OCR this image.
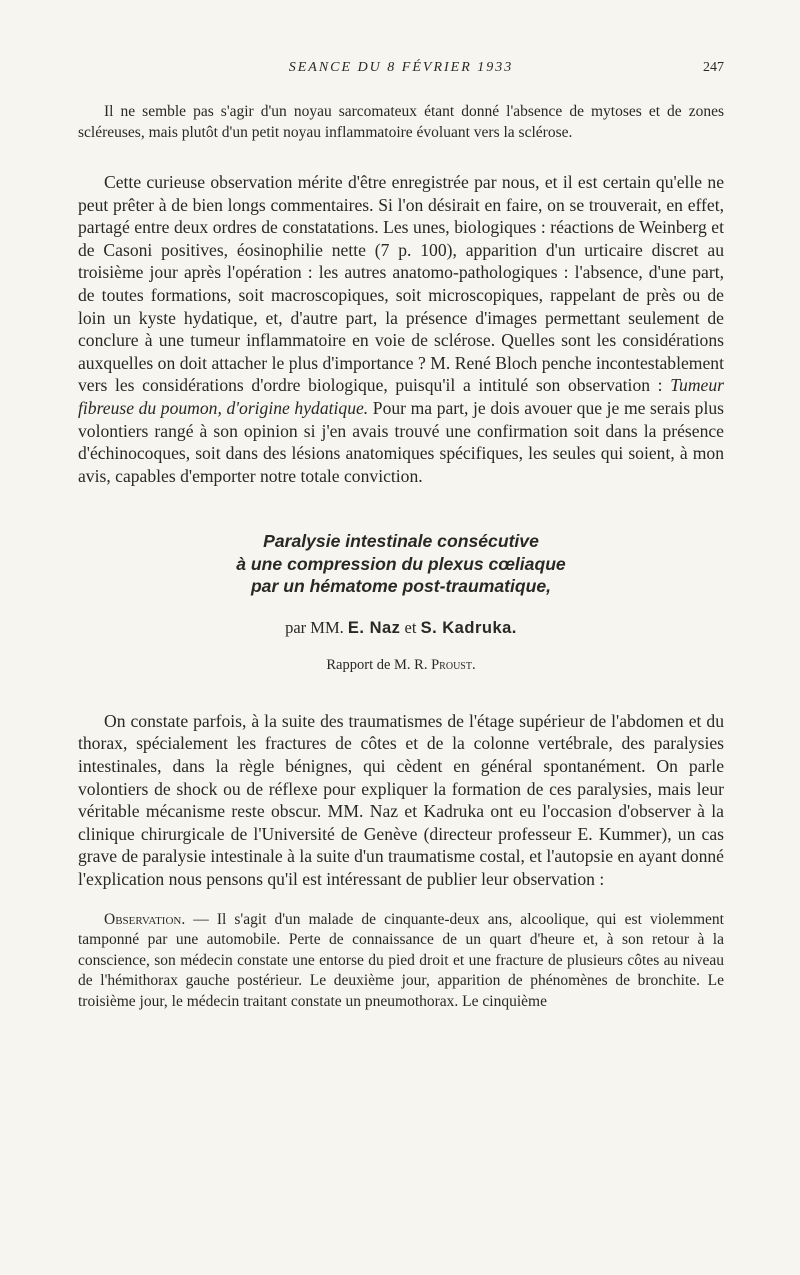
SEANCE DU 8 FÉVRIER 1933	247

Il ne semble pas s'agir d'un noyau sarcomateux étant donné l'absence de mytoses et de zones scléreuses, mais plutôt d'un petit noyau inflammatoire évoluant vers la sclérose.

Cette curieuse observation mérite d'être enregistrée par nous, et il est certain qu'elle ne peut prêter à de bien longs commentaires. Si l'on désirait en faire, on se trouverait, en effet, partagé entre deux ordres de constatations. Les unes, biologiques : réactions de Weinberg et de Casoni positives, éosinophilie nette (7 p. 100), apparition d'un urticaire discret au troisième jour après l'opération : les autres anatomo-pathologiques : l'absence, d'une part, de toutes formations, soit macroscopiques, soit microscopiques, rappelant de près ou de loin un kyste hydatique, et, d'autre part, la présence d'images permettant seulement de conclure à une tumeur inflammatoire en voie de sclérose. Quelles sont les considérations auxquelles on doit attacher le plus d'importance ? M. René Bloch penche incontestablement vers les considérations d'ordre biologique, puisqu'il a intitulé son observation : Tumeur fibreuse du poumon, d'origine hydatique. Pour ma part, je dois avouer que je me serais plus volontiers rangé à son opinion si j'en avais trouvé une confirmation soit dans la présence d'échinocoques, soit dans des lésions anatomiques spécifiques, les seules qui soient, à mon avis, capables d'emporter notre totale conviction.

Paralysie intestinale consécutive
à une compression du plexus cœliaque
par un hématome post-traumatique,
par MM. E. Naz et S. Kadruka.
Rapport de M. R. Proust.

On constate parfois, à la suite des traumatismes de l'étage supérieur de l'abdomen et du thorax, spécialement les fractures de côtes et de la colonne vertébrale, des paralysies intestinales, dans la règle bénignes, qui cèdent en général spontanément. On parle volontiers de shock ou de réflexe pour expliquer la formation de ces paralysies, mais leur véritable mécanisme reste obscur. MM. Naz et Kadruka ont eu l'occasion d'observer à la clinique chirurgicale de l'Université de Genève (directeur professeur E. Kummer), un cas grave de paralysie intestinale à la suite d'un traumatisme costal, et l'autopsie en ayant donné l'explication nous pensons qu'il est intéressant de publier leur observation :

Observation. — Il s'agit d'un malade de cinquante-deux ans, alcoolique, qui est violemment tamponné par une automobile. Perte de connaissance de un quart d'heure et, à son retour à la conscience, son médecin constate une entorse du pied droit et une fracture de plusieurs côtes au niveau de l'hémithorax gauche postérieur. Le deuxième jour, apparition de phénomènes de bronchite. Le troisième jour, le médecin traitant constate un pneumothorax. Le cinquième
